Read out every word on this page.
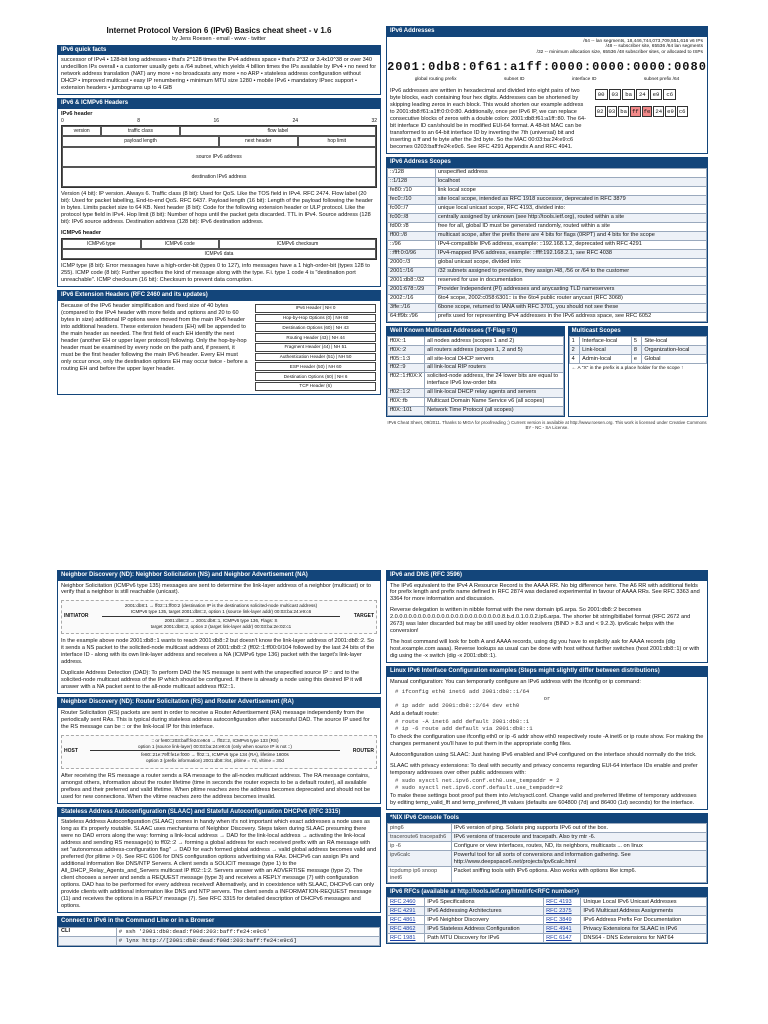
Internet Protocol Version 6 (IPv6) Basics cheat sheet - v 1.6
by Jens Roesen - email - www - twitter
IPv6 quick facts
successor of IPv4 • 128-bit long addresses • that's 2^128 times the IPv4 address space • that's 2^32 or 3.4x10^38 or over 340 undecillion IPs overall • a customer usually gets a /64 subnet, which yields 4 billion times the IPs available by IPv4 • no need for network address translation (NAT) any more • no broadcasts any more • no ARP • stateless address configuration without DHCP • improved multicast • easy IP renumbering • minimum MTU size 1280 • mobile IPv6 • mandatory IPsec support • extension headers • jumbograms up to 4 GiB
IPv6 & ICMPv6 Headers
IPv6 header
0	8	16	24	32
version	traffic class	flow label
payload length	next header	hop limit
source IPv6 address
destination IPv6 address
Version (4 bit): IP version. Always 6. Traffic class (8 bit): Used for QoS. Like the TOS field in IPv4. RFC 2474. Flow label (20 bit): Used for packet labelling, End-to-end QoS. RFC 6437. Payload length (16 bit): Length of the payload following the header in bytes. Limits packet size to 64 KB. Next header (8 bit): Code for the following extension header or ULP protocol. Like the protocol type field in IPv4. Hop limit (8 bit): Number of hops until the packet gets discarded. TTL in IPv4. Source address (128 bit): IPv6 source address. Destination address (128 bit): IPv6 destination address.
ICMPv6 header
ICMPv6 type	ICMPv6 code	ICMPv6 checksum
ICMPv6 data
ICMP type (8 bit): Error messages have a high-order-bit (types 0 to 127), info messages have a 1 high-order-bit (types 128 to 255). ICMP code (8 bit): Further specifies the kind of message along with the type. F.i. type 1 code 4 is "destination port unreachable". ICMP checksum (16 bit): Checksum to prevent data corruption.
IPv6 Extension Headers (RFC 2460 and its updates)
Because of the IPv6 header simplification and fixed size of 40 bytes (compared to the IPv4 header with more fields and options and 20 to 60 bytes in size) additional IP options were moved from the main IPv6 header into additional headers. These extension headers (EH) will be appended to the main header as needed. The first field of each EH identify the next header (another EH or upper layer protocol) following. Only the hop-by-hop header must be examined by every node on the path and, if present, it must be the first header following the main IPv6 header. Every EH must only occur once, only the destination options EH may occur twice - before a routing EH and before the upper layer header.
IPv6 Header | NH 0
Hop-by-Hop Options (0) | NH 60
Destination Options (60) | NH 43
Routing Header (43) | NH 44
Fragment Header (44) | NH 51
Authentication Header (51) | NH 50
ESP Header (50) | NH 60
Destination Options (60) | NH 6
TCP Header (6)
IPv6 Addresses
/64 -- lan segments, 18,446,744,073,709,551,616 v6 IPs
/48 -- subscriber site, 65536 /64 lan segments
/32 -- minimum allocation size, 65536 /48 subscriber sites, or allocated to ISPs
2001:0db8:0f61:a1ff:0000:0000:0000:0080
global routing prefix	subnet ID	interface ID	subnet prefix /64
IPv6 addresses are written in hexadecimal and divided into eight pairs of two byte blocks, each containing four hex digits. Addresses can be shortened by skipping leading zeros in each block. This would shorten our example address to 2001:db8:f61:a1ff:0:0:0:80. Additionally, once per IPv6 IP, we can replace consecutive blocks of zeros with a double colon: 2001:db8:f61:a1ff::80. The 64-bit interface ID can/should be in modified EUI-64 format. A 48-bit MAC can be transformed to an 64-bit interface ID by inverting the 7th (universal) bit and inserting a ff and fe byte after the 3rd byte. So the MAC 00:03:ba:24:e9:c6 becomes 0203:baff:fe24:e9c6. See RFC 4291 Appendix A and RFC 4941.
00	03	ba	24	e9	c6
02 03 ba ff fe 24 e9 c6
IPv6 Address Scopes
::/128	unspecified address
::1/128	localhost
fe80::/10	link local scope
fec0::/10	site local scope, intended as RFC 1918 successor, deprecated in RFC 3879
fc00::/7	unique local unicast scope, RFC 4193, divided into:
fc00::/8	centrally assigned by unknown (see http://tools.ietf.org), routed within a site
fd00::/8	free for all, global ID must be generated randomly, routed within a site
ff00::/8	multicast scope, after the prefix there are 4 bits for flags (0RPT) and 4 bits for the scope
::/96	IPv4-compatible IPv6 address, example: ::192.168.1.2, deprecated with RFC 4291
::ffff:0:0/96	IPv4-mapped IPv6 address, example: ::ffff:192.168.2.1, see RFC 4038
2000::/3	global unicast scope, divided into:
2001::/16	/32 subnets assigned to providers, they assign /48, /56 or /64 to the customer
2001:db8::/32	reserved for use in documentation
2001:678::/29	Provider Independent (PI) addresses and anycasting TLD nameservers
2002::/16	6to4 scope, 2002:c058:6301:: is the 6to4 public router anycast (RFC 3068)
3ffe::/16	6bone scope, returned to IANA with RFC 3701, you should not see these
64:ff9b::/96	prefix used for representing IPv4 addresses in the IPv6 address space, see RFC 6052
Well Known Multicast Addresses (T-Flag = 0)
ff0X::1	all nodes address (scopes 1 and 2)
ff0X::2	all routers address (scopes 1, 2 and 5)
ff05::1:3	all site-local DHCP servers
ff02::9	all link-local RIP routers
ff02::1:ff0X:X	solicited-node address, the 24 lower bits are equal to interface IPv6 low-order bits
ff02::1:2	all link-local DHCP relay agents and servers
ff0X::fb	Multicast Domain Name Service v6 (all scopes)
ff0X::101	Network Time Protocol (all scopes)
Multicast Scopes
1	Interface-local	5	Site-local
2	Link-local	8	Organization-local
4	Admin-local	e	Global
← A "X" in the prefix is a place holder for the scope ↑
IPv6 Cheat Sheet, 09/2011. Thanks to MIGA for proofreading ;) Current version is available at http://www.roesen.org. This work is licensed under Creative Commons BY - NC - SA License.
Neighbor Discovery (ND): Neighbor Solicitation (NS) and Neighbor Advertisement (NA)
Neighbor Solicitation (ICMPv6 type 135) messages are sent to determine the link-layer address of a neighbor (multicast) or to verify that a neighbor is still reachable (unicast).
INITIATOR	TARGET
2001:db8:1 → ff02::1:ff00:2 (destination IP is the destinations solicited-node multicast address)
ICMPv6 type 135, target 2001:db8::2, option 1 (source link-layer addr) 00:03:ba:24:e9:c6
2001:db8::2 → 2001:db8::1, ICMPv6 type 136, Flags: S
target 2001:db8::2, option 2 (target link-layer addr) 00:03:ba:2e:02:c1
In the example above node 2001:db8::1 wants to reach 2001:db8::2 but doesn't know the link-layer address of 2001:db8::2. So it sends a NS packet to the solicited-node multicast address of 2001:db8::2 (ff02::1:ff00:0/104 followed by the last 24 bits of the interface ID - along with its own link-layer address and receives a NA (ICMPv6 type 136) packet with the target's link-layer address.
Duplicate Address Detection (DAD): To perform DAD the NS message is sent with the unspecified source IP :: and to the solicited-node multicast address of the IP which should be configured. If there is already a node using this desired IP it will answer with a NA packet sent to the all-node multicast address ff02::1.
Neighbor Discovery (ND): Router Solicitation (RS) and Router Advertisement (RA)
Router Solicitation (RS) packets are sent in order to receive a Router Advertisement (RA) message independently from the periodically sent RAs. This is typical during stateless address autoconfiguration after successful DAD. The source IP used for the RS message can be :: or the link-local IP for this interface.
HOST	ROUTER
:: or fe80::203:baff:fe24:e9c6 → ff02::2, ICMPv6 type 133 (RS)
option 1 (source link-layer) 00:03:ba:24:e9:c6 (only when source IP is not ::)
fe80::21e:79ff:fe1e:f000 → ff02::1, ICMPv6 type 134 (RA), lifetime 1800s
option 3 (prefix information) 2001:db8::/64, pltime = 7d, vltime = 30d
After receiving the RS message a router sends a RA message to the all-nodes multicast address. The RA message contains, amongst others, information about the router lifetime (time in seconds the router expects to be a default router), all available prefixes and their preferred and valid lifetime. When pltime reaches zero the address becomes deprecated and should not be used for new connections. When the vltime reaches zero the address becomes invalid.
Stateless Address Autoconfiguration (SLAAC) and Stateful Autoconfiguration DHCPv6 (RFC 3315)
Stateless Address Autoconfiguration (SLAAC) comes in handy when it's not important which exact addresses a node uses as long as it's properly routable. SLAAC uses mechanisms of Neighbor Discovery. Steps taken during SLAAC presuming there were no DAD errors along the way: forming a link-local address → DAD for the link-local address → activating the link-local address and sending RS message(s) to ff02::2 → forming a global address for each received prefix with an RA message with set "autonomous address-configuration flag" → DAD for each formed global address → valid global address becomes valid and preferred (for pltime > 0). See RFC 6106 for DNS configuration options advertising via RAs. DHCPv6 can assign IPs and additional information like DNS/NTP Servers. A client sends a SOLICIT message (type 1) to the All_DHCP_Relay_Agents_and_Servers multicast IP ff02::1:2. Servers answer with an ADVERTISE message (type 2). The client chooses a server and sends a REQUEST message (type 3) and receives a REPLY message (7) with configuration options. DAD has to be performed for every address received! Alternatively, and in coexistence with SLAAC, DHCPv6 can only provide clients with additional information like DNS and NTP servers. The client sends a INFORMATION-REQUEST message (11) and receives the options in a REPLY message (7). See RFC 3315 for detailed description of DHCPv6 messages and options.
Connect to IPv6 in the Command Line or in a Browser
CLI	# ssh '2001:db8:dead:f00d:203:baff:fe24:e9c6'
	# lynx http://[2001:db8:dead:f00d:203:baff:fe24:e9c6]
IPv6 and DNS (RFC 3596)
The IPv6 equivalent to the IPv4 A Resource Record is the AAAA RR. No big difference here. The A6 RR with additional fields for prefix length and prefix name defined in RFC 2874 was declared experimental in favour of AAAA RRs. See RFC 3363 and 3364 for more information and discussion.
Reverse delegation is written in nibble format with the new domain ip6.arpa. So 2001:db8::2 becomes 2.0.0.0.0.0.0.0.0.0.0.0.0.0.0.0.0.0.0.0.0.0.0.0.8.b.d.0.1.0.0.2.ip6.arpa. The shorter bit string/bitlabel format (RFC 2672 and 2673) was later discarded but may be still used by older resolvers (BIND > 8.3 and < 9.2.3). ipv6calc helps with the conversion!
The host command will look for both A and AAAA records, using dig you have to explicitly ask for AAAA records (dig host.example.com aaaa). Reverse lookups as usual can be done with host without further switches (host 2001:db8::1) or with dig using the -x switch (dig -x 2001:db8::1).
Linux IPv6 Interface Configuration examples (Steps might slightly differ between distributions)
Manual configuration: You can temporarily configure an IPv6 address with the ifconfig or ip command:
# ifconfig eth0 inet6 add 2001:db8::1/64
or
# ip addr add 2001:db8::2/64 dev eth0
Add a default route:
# route -A inet6 add default 2001:db8::1
# ip -6 route add default via 2001:db8::1
To check the configuration use ifconfig eth0 or ip -6 addr show eth0 respectively route -A inet6 or ip route show. For making the changes permanent you'll have to put them in the appropriate config files.
Autoconfiguration using SLAAC: Just having IPv6 enabled and IPv4 configured on the interface should normally do the trick.
SLAAC with privacy extensions: To deal with security and privacy concerns regarding EUI-64 interface IDs enable and prefer temporary addresses over other public addresses with:
# sudo sysctl net.ipv6.conf.eth0.use_tempaddr = 2
# sudo sysctl net.ipv6.conf.default.use_tempaddr=2
To make these settings boot proof put them into /etc/sysctl.conf. Change valid and preferred lifetime of temporary addresses by editing temp_valid_lft and temp_prefered_lft values (defaults are 604800 (7d) and 86400 (1d) seconds) for the interface.
*NIX IPv6 Console Tools
ping6	IPv6 version of ping. Solaris ping supports IPv6 out of the box.
traceroute6 tracepath6	IPv6 versions of traceroute and tracepath. Also try mtr -6.
ip -6	Configure or view interfaces, routes, ND, its neighbors, multicasts ... on linux
ipv6calc	Powerful tool for all sorts of conversions and information gathering. See http://www.deepspace6.net/projects/ipv6calc.html
tcpdump ip6 snoop inet6	Packet sniffing tools with IPv6 options. Also works with options like icmp6.
IPv6 RFCs (available at http://tools.ietf.org/html/rfc<RFC number>)
RFC 2460	IPv6 Specifications	RFC 4193	Unique Local IPv6 Unicast Addresses
RFC 4291	IPv6 Addressing Architectures	RFC 2375	IPv6 Multicast Address Assignments
RFC 4861	IPv6 Neighbor Discovery	RFC 3849	IPv6 Address Prefix For Documentation
RFC 4862	IPv6 Stateless Address Configuration	RFC 4941	Privacy Extensions for SLAAC in IPv6
RFC 1981	Path MTU Discovery for IPv6	RFC 6147	DNS64 - DNS Extensions for NAT64
